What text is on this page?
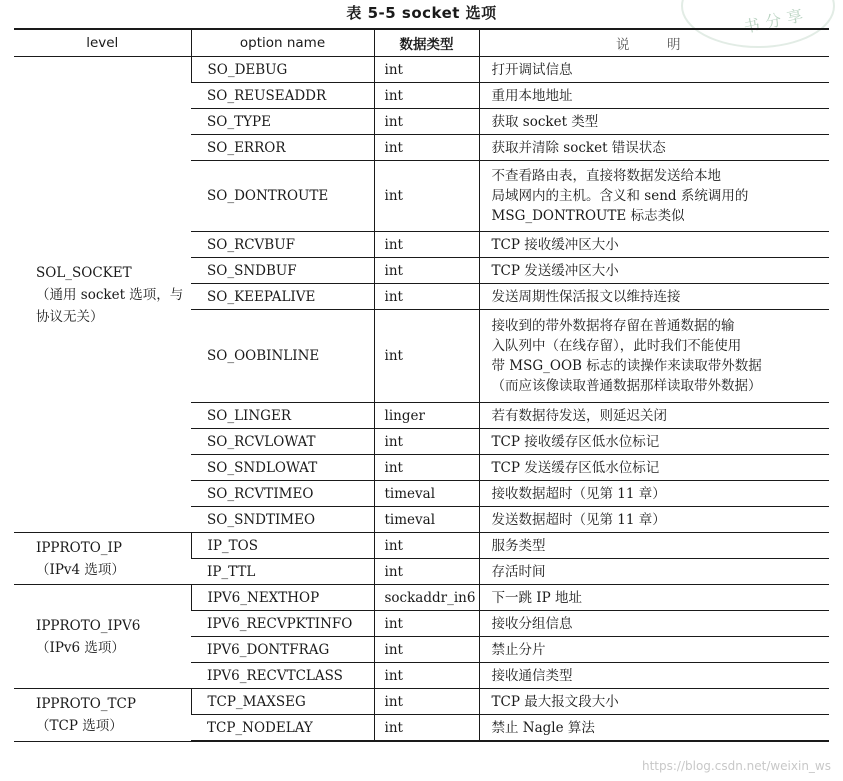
书分享
表 5-5 socket 选项
level	option name	数据类型	说　明

SOL_SOCKET
（通用 socket 选项，与
协议无关）	SO_DEBUG	int	打开调试信息

	SO_REUSEADDR	int	重用本地地址

	SO_TYPE	int	获取 socket 类型

	SO_ERROR	int	获取并清除 socket 错误状态

	SO_DONTROUTE	int	不查看路由表，直接将数据发送给本地
局域网内的主机。含义和 send 系统调用的
MSG_DONTROUTE 标志类似

	SO_RCVBUF	int	TCP 接收缓冲区大小

	SO_SNDBUF	int	TCP 发送缓冲区大小

	SO_KEEPALIVE	int	发送周期性保活报文以维持连接

	SO_OOBINLINE	int	接收到的带外数据将存留在普通数据的输
入队列中（在线存留），此时我们不能使用
带 MSG_OOB 标志的读操作来读取带外数据
（而应该像读取普通数据那样读取带外数据）

	SO_LINGER	linger	若有数据待发送，则延迟关闭

	SO_RCVLOWAT	int	TCP 接收缓存区低水位标记

	SO_SNDLOWAT	int	TCP 发送缓存区低水位标记

	SO_RCVTIMEO	timeval	接收数据超时（见第 11 章）

	SO_SNDTIMEO	timeval	发送数据超时（见第 11 章）

IPPROTO_IP
（IPv4 选项）	IP_TOS	int	服务类型

	IP_TTL	int	存活时间

IPPROTO_IPV6
（IPv6 选项）	IPV6_NEXTHOP	sockaddr_in6	下一跳 IP 地址

	IPV6_RECVPKTINFO	int	接收分组信息

	IPV6_DONTFRAG	int	禁止分片

	IPV6_RECVTCLASS	int	接收通信类型

IPPROTO_TCP
（TCP 选项）	TCP_MAXSEG	int	TCP 最大报文段大小

	TCP_NODELAY	int	禁止 Nagle 算法
https://blog.csdn.net/weixin_ws
